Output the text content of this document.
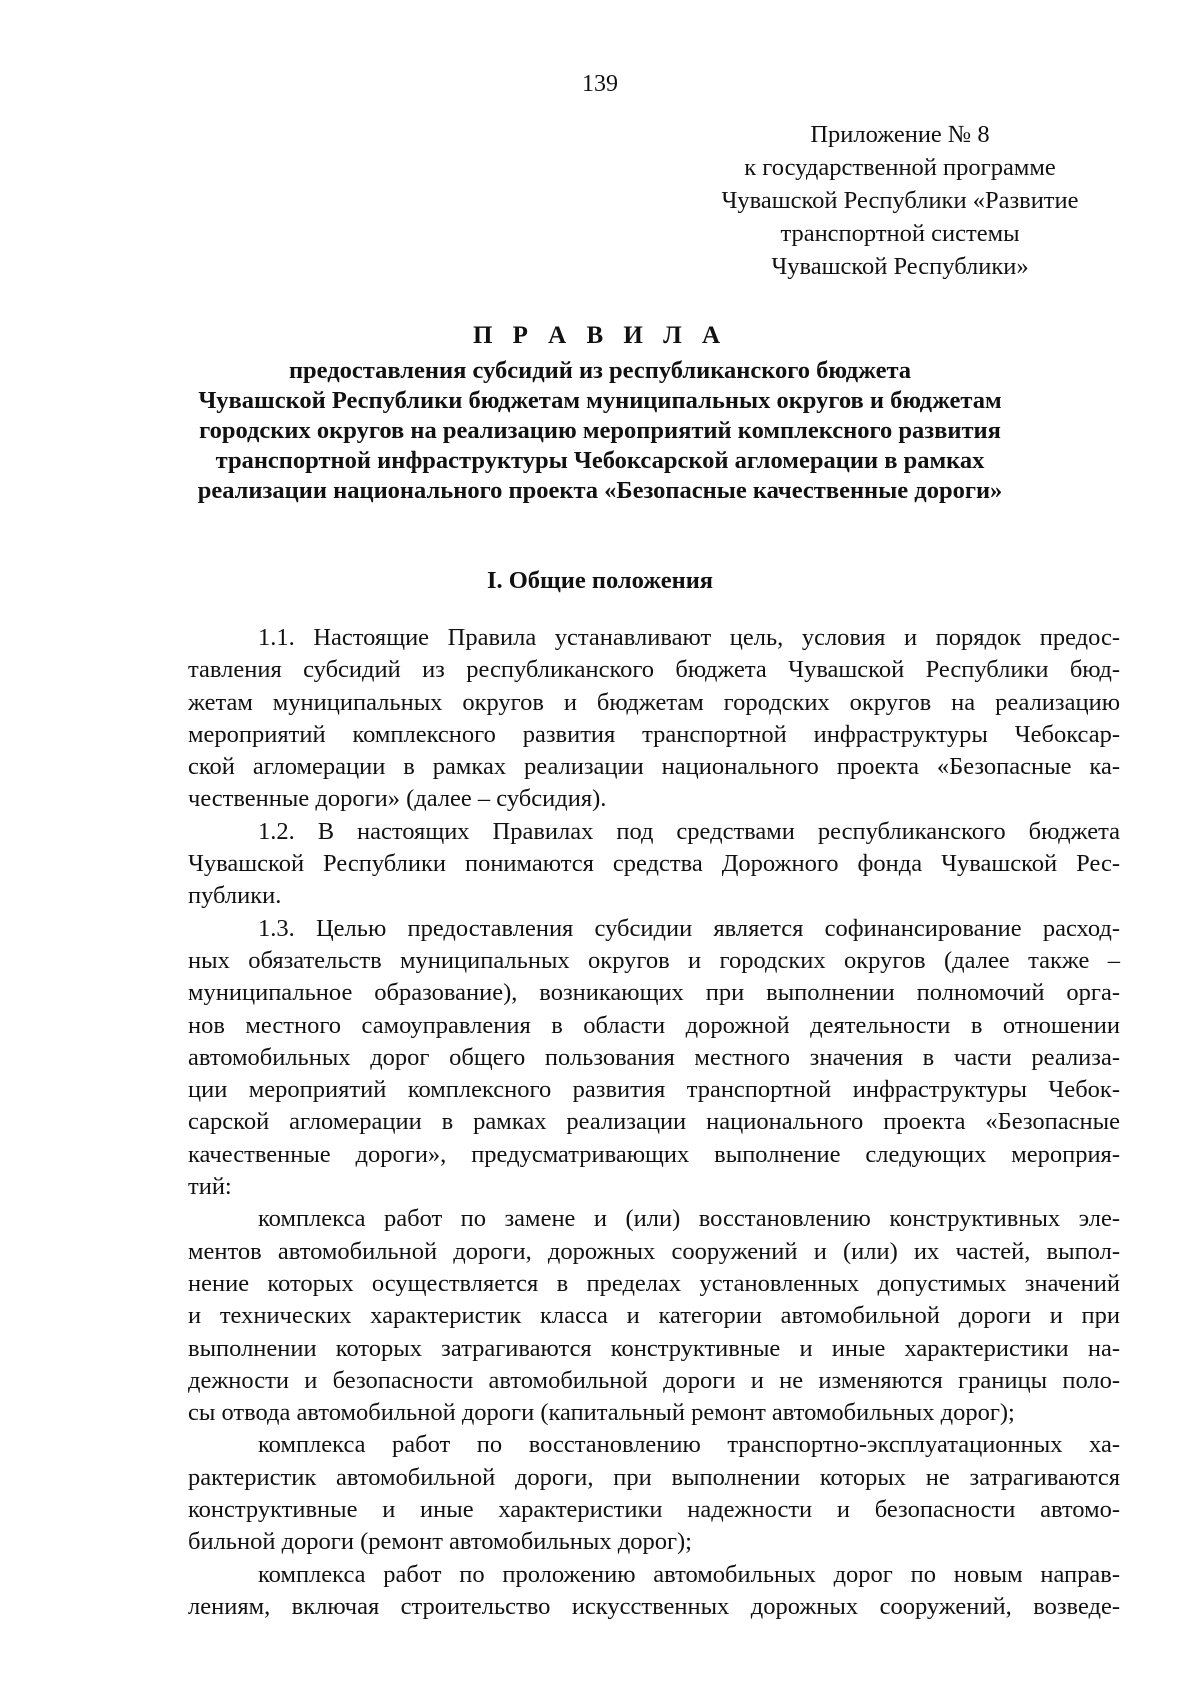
139
Приложение № 8
к государственной программе
Чувашской Республики «Развитие
транспортной системы
Чувашской Республики»
П Р А В И Л А
предоставления субсидий из республиканского бюджета
Чувашской Республики бюджетам муниципальных округов и бюджетам
городских округов на реализацию мероприятий комплексного развития
транспортной инфраструктуры Чебоксарской агломерации в рамках
реализации национального проекта «Безопасные качественные дороги»
I. Общие положения
1.1. Настоящие Правила устанавливают цель, условия и порядок предос-
тавления субсидий из республиканского бюджета Чувашской Республики бюд-
жетам муниципальных округов и бюджетам городских округов на реализацию
мероприятий комплексного развития транспортной инфраструктуры Чебоксар-
ской агломерации в рамках реализации национального проекта «Безопасные ка-
чественные дороги» (далее – субсидия).
1.2. В настоящих Правилах под средствами республиканского бюджета
Чувашской Республики понимаются средства Дорожного фонда Чувашской Рес-
публики.
1.3. Целью предоставления субсидии является софинансирование расход-
ных обязательств муниципальных округов и городских округов (далее также –
муниципальное образование), возникающих при выполнении полномочий орга-
нов местного самоуправления в области дорожной деятельности в отношении
автомобильных дорог общего пользования местного значения в части реализа-
ции мероприятий комплексного развития транспортной инфраструктуры Чебок-
сарской агломерации в рамках реализации национального проекта «Безопасные
качественные дороги», предусматривающих выполнение следующих мероприя-
тий:
комплекса работ по замене и (или) восстановлению конструктивных эле-
ментов автомобильной дороги, дорожных сооружений и (или) их частей, выпол-
нение которых осуществляется в пределах установленных допустимых значений
и технических характеристик класса и категории автомобильной дороги и при
выполнении которых затрагиваются конструктивные и иные характеристики на-
дежности и безопасности автомобильной дороги и не изменяются границы поло-
сы отвода автомобильной дороги (капитальный ремонт автомобильных дорог);
комплекса работ по восстановлению транспортно-эксплуатационных ха-
рактеристик автомобильной дороги, при выполнении которых не затрагиваются
конструктивные и иные характеристики надежности и безопасности автомо-
бильной дороги (ремонт автомобильных дорог);
комплекса работ по проложению автомобильных дорог по новым направ-
лениям, включая строительство искусственных дорожных сооружений, возведе-
